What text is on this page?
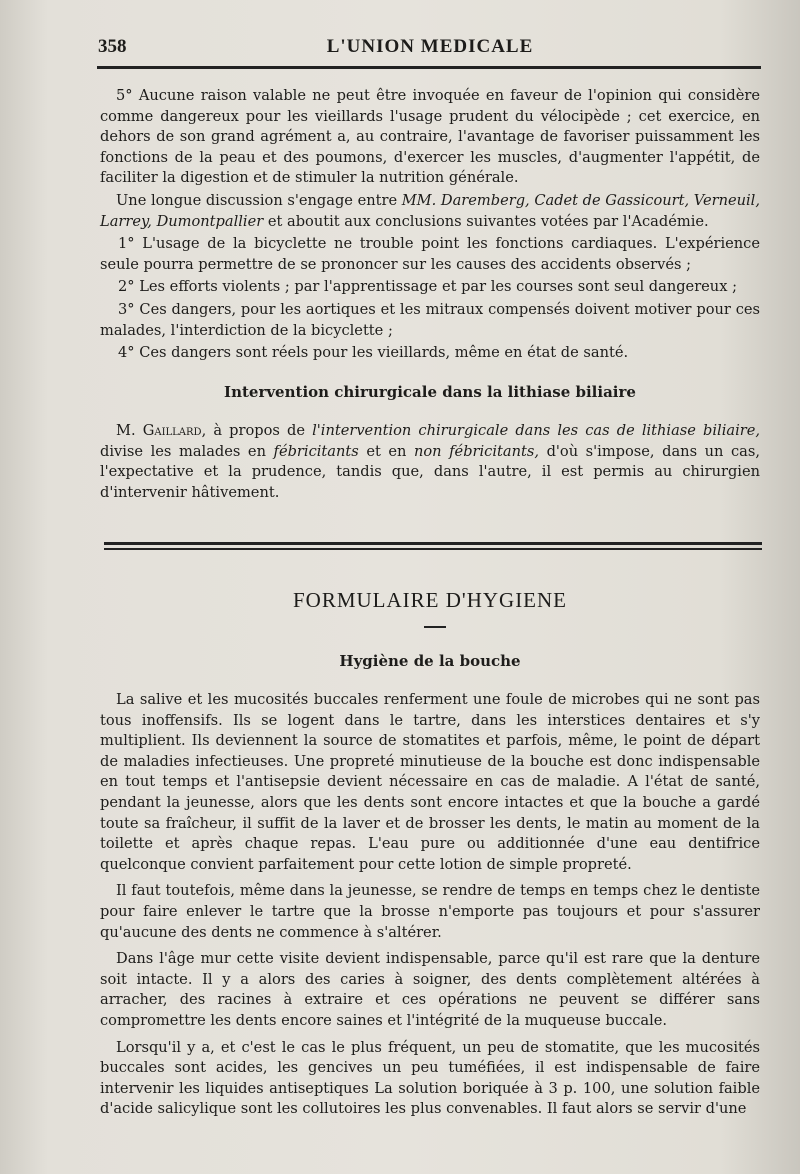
358	L'UNION MEDICALE

5° Aucune raison valable ne peut être invoquée en faveur de l'opinion qui considère comme dangereux pour les vieillards l'usage prudent du vélocipède ; cet exercice, en dehors de son grand agrément a, au contraire, l'avantage de favoriser puissamment les fonctions de la peau et des poumons, d'exercer les muscles, d'augmenter l'appétit, de faciliter la digestion et de stimuler la nutrition générale.

Une longue discussion s'engage entre MM. Daremberg, Cadet de Gassicourt, Verneuil, Larrey, Dumontpallier et aboutit aux conclusions suivantes votées par l'Académie.

1° L'usage de la bicyclette ne trouble point les fonctions cardiaques. L'expérience seule pourra permettre de se prononcer sur les causes des accidents observés ;

2° Les efforts violents ; par l'apprentissage et par les courses sont seul dangereux ;

3° Ces dangers, pour les aortiques et les mitraux compensés doivent motiver pour ces malades, l'interdiction de la bicyclette ;

4° Ces dangers sont réels pour les vieillards, même en état de santé.

Intervention chirurgicale dans la lithiase biliaire

M. Gaillard, à propos de l'intervention chirurgicale dans les cas de lithiase biliaire, divise les malades en fébricitants et en non fébricitants, d'où s'impose, dans un cas, l'expectative et la prudence, tandis que, dans l'autre, il est permis au chirurgien d'intervenir hâtivement.

FORMULAIRE D'HYGIENE
Hygiène de la bouche

La salive et les mucosités buccales renferment une foule de microbes qui ne sont pas tous inoffensifs. Ils se logent dans le tartre, dans les interstices dentaires et s'y multiplient. Ils deviennent la source de stomatites et parfois, même, le point de départ de maladies infectieuses. Une propreté minutieuse de la bouche est donc indispensable en tout temps et l'antisepsie devient nécessaire en cas de maladie. A l'état de santé, pendant la jeunesse, alors que les dents sont encore intactes et que la bouche a gardé toute sa fraîcheur, il suffit de la laver et de brosser les dents, le matin au moment de la toilette et après chaque repas. L'eau pure ou additionnée d'une eau dentifrice quelconque convient parfaitement pour cette lotion de simple propreté.

Il faut toutefois, même dans la jeunesse, se rendre de temps en temps chez le dentiste pour faire enlever le tartre que la brosse n'emporte pas toujours et pour s'assurer qu'aucune des dents ne commence à s'altérer.

Dans l'âge mur cette visite devient indispensable, parce qu'il est rare que la denture soit intacte. Il y a alors des caries à soigner, des dents complètement altérées à arracher, des racines à extraire et ces opérations ne peuvent se différer sans compromettre les dents encore saines et l'intégrité de la muqueuse buccale.

Lorsqu'il y a, et c'est le cas le plus fréquent, un peu de stomatite, que les mucosités buccales sont acides, les gencives un peu tuméfiées, il est indispensable de faire intervenir les liquides antiseptiques La solution boriquée à 3 p. 100, une solution faible d'acide salicylique sont les collutoires les plus convenables. Il faut alors se servir d'une
